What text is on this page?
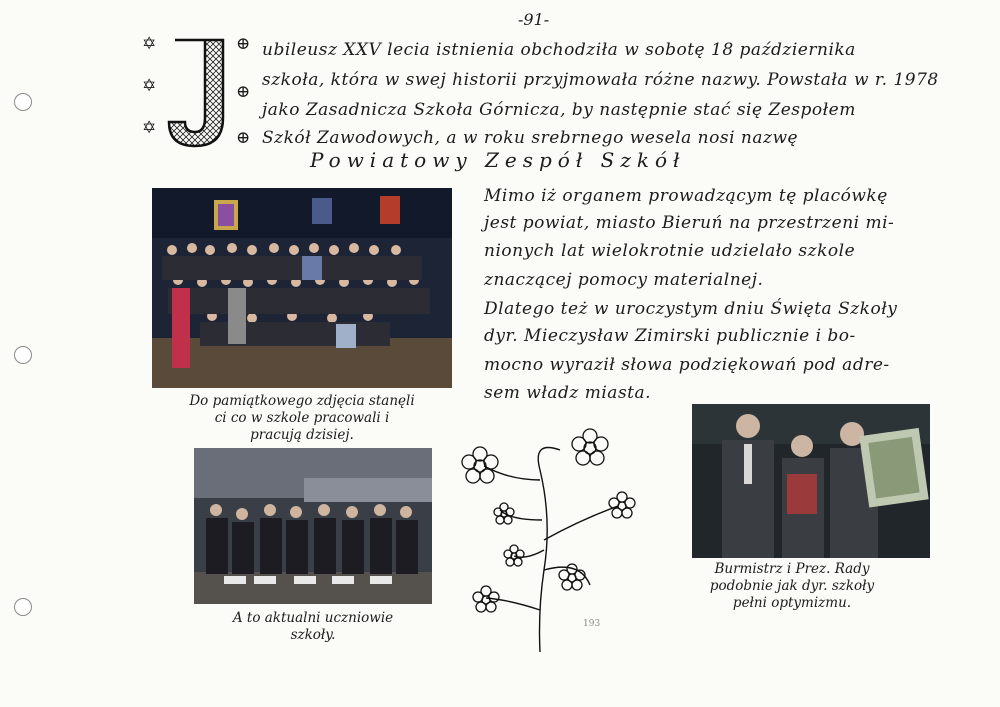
-91-
✡
✡
✡
⊕
⊕
⊕
ubileusz XXV lecia istnienia obchodziła w sobotę 18 października
szkoła, która w swej historii przyjmowała różne nazwy. Powstała w r. 1978
jako Zasadnicza Szkoła Górnicza, by następnie stać się Zespołem
Szkół Zawodowych, a w roku srebrnego wesela nosi nazwę
Powiatowy Zespół Szkół
Do pamiątkowego zdjęcia stanęli
ci co w szkole pracowali i
pracują dzisiej.
Mimo iż organem prowadzącym tę placówkę
jest powiat, miasto Bieruń na przestrzeni mi-
nionych lat wielokrotnie udzielało szkole
znaczącej pomocy materialnej.
Dlatego też w uroczystym dniu Święta Szkoły
dyr. Mieczysław Zimirski publicznie i bo-
mocno wyraził słowa podziękowań pod adre-
sem władz miasta.
A to aktualni uczniowie
szkoły.
193
Burmistrz i Prez. Rady
podobnie jak dyr. szkoły
pełni optymizmu.
